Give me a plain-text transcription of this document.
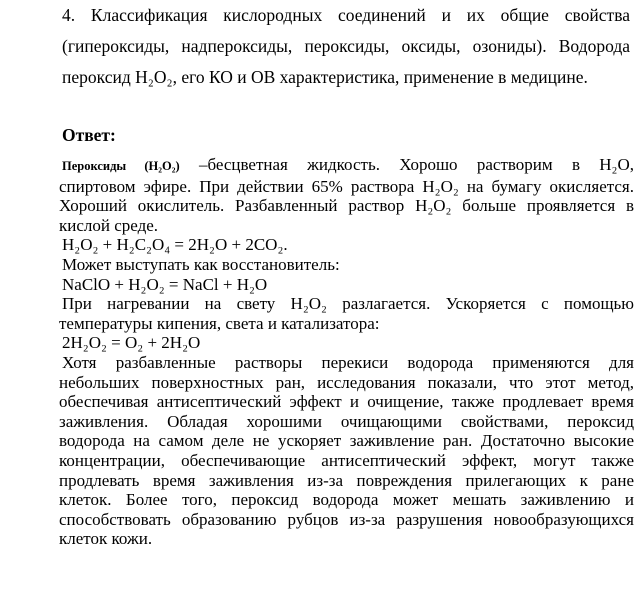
4. Классификация кислородных соединений и их общие свойства
(гипероксиды, надпероксиды, пероксиды, оксиды, озониды). Водорода
пероксид H₂O₂, его КО и ОВ характеристика, применение в медицине.
Ответ:
Пероксиды (H₂O₂) –бесцветная жидкость. Хорошо растворим в H₂O,
спиртовом эфире. При действии 65% раствора H₂O₂ на бумагу окисляется.
Хороший окислитель. Разбавленный раствор H₂O₂ больше проявляется в
кислой среде.
H₂O₂ + H₂C₂O₄ = 2H₂O + 2CO₂.
Может выступать как восстановитель:
NaClO + H₂O₂ = NaCl + H₂O
При нагревании на свету H₂O₂ разлагается. Ускоряется с помощью
температуры кипения, света и катализатора:
2H₂O₂ = O₂ + 2H₂O
Хотя разбавленные растворы перекиси водорода применяются для
небольших поверхностных ран, исследования показали, что этот метод,
обеспечивая антисептический эффект и очищение, также продлевает время
заживления. Обладая хорошими очищающими свойствами, пероксид
водорода на самом деле не ускоряет заживление ран. Достаточно высокие
концентрации, обеспечивающие антисептический эффект, могут также
продлевать время заживления из-за повреждения прилегающих к ране
клеток. Более того, пероксид водорода может мешать заживлению и
способствовать образованию рубцов из-за разрушения новообразующихся
клеток кожи.
